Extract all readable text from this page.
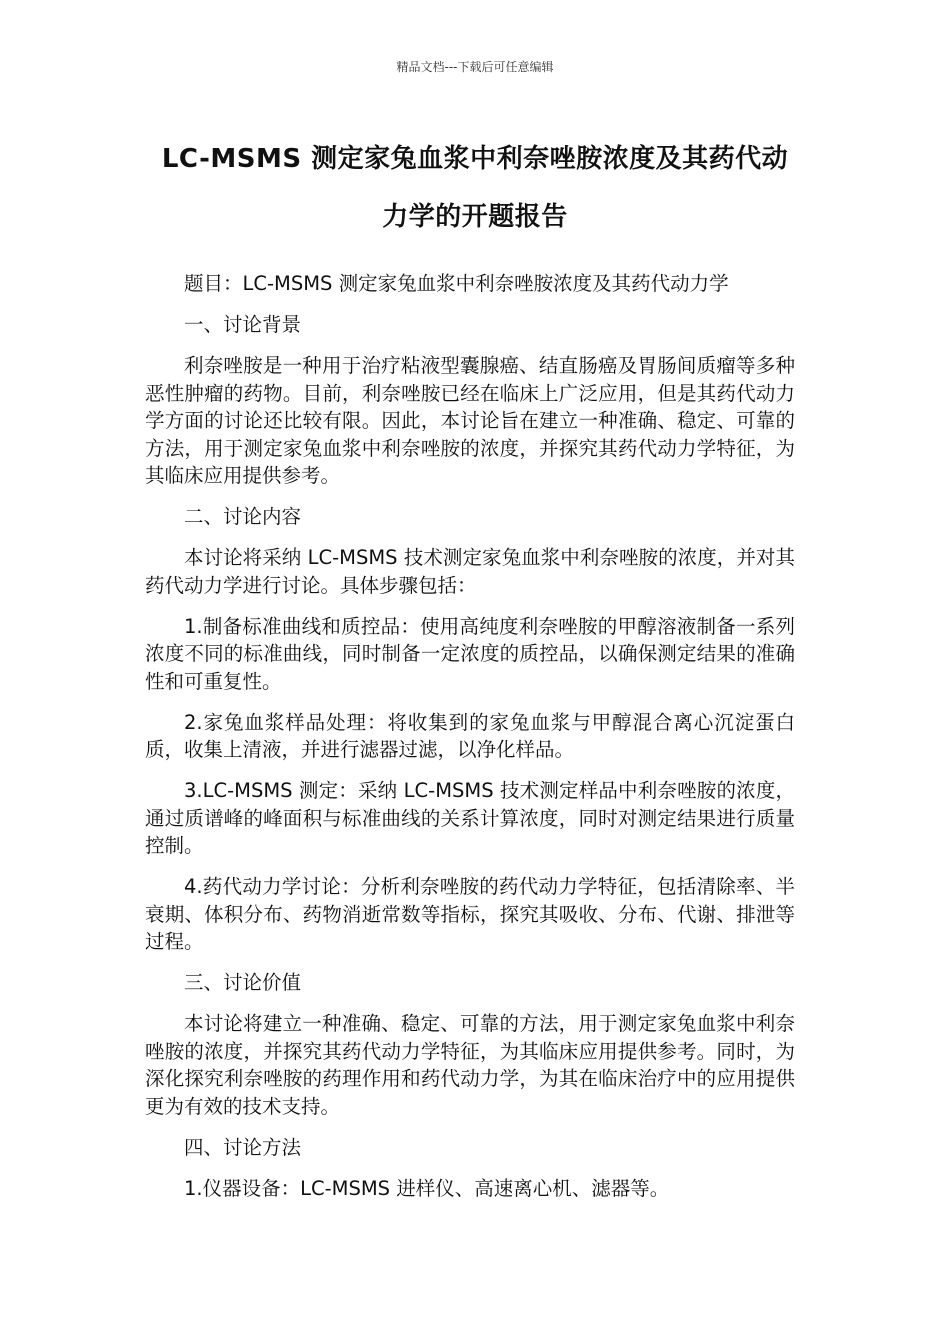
精品文档---下载后可任意编辑
LC-MSMS 测定家兔血浆中利奈唑胺浓度及其药代动
力学的开题报告

题目：LC-MSMS 测定家兔血浆中利奈唑胺浓度及其药代动力学

一、讨论背景

利奈唑胺是一种用于治疗粘液型囊腺癌、结直肠癌及胃肠间质瘤等多种恶性肿瘤的药物。目前，利奈唑胺已经在临床上广泛应用，但是其药代动力学方面的讨论还比较有限。因此，本讨论旨在建立一种准确、稳定、可靠的方法，用于测定家兔血浆中利奈唑胺的浓度，并探究其药代动力学特征，为其临床应用提供参考。

二、讨论内容

本讨论将采纳 LC-MSMS 技术测定家兔血浆中利奈唑胺的浓度，并对其药代动力学进行讨论。具体步骤包括：

1.制备标准曲线和质控品：使用高纯度利奈唑胺的甲醇溶液制备一系列浓度不同的标准曲线，同时制备一定浓度的质控品，以确保测定结果的准确性和可重复性。

2.家兔血浆样品处理：将收集到的家兔血浆与甲醇混合离心沉淀蛋白质，收集上清液，并进行滤器过滤，以净化样品。

3.LC-MSMS 测定：采纳 LC-MSMS 技术测定样品中利奈唑胺的浓度，通过质谱峰的峰面积与标准曲线的关系计算浓度，同时对测定结果进行质量控制。

4.药代动力学讨论：分析利奈唑胺的药代动力学特征，包括清除率、半衰期、体积分布、药物消逝常数等指标，探究其吸收、分布、代谢、排泄等过程。

三、讨论价值

本讨论将建立一种准确、稳定、可靠的方法，用于测定家兔血浆中利奈唑胺的浓度，并探究其药代动力学特征，为其临床应用提供参考。同时，为深化探究利奈唑胺的药理作用和药代动力学，为其在临床治疗中的应用提供更为有效的技术支持。

四、讨论方法

1.仪器设备：LC-MSMS 进样仪、高速离心机、滤器等。
